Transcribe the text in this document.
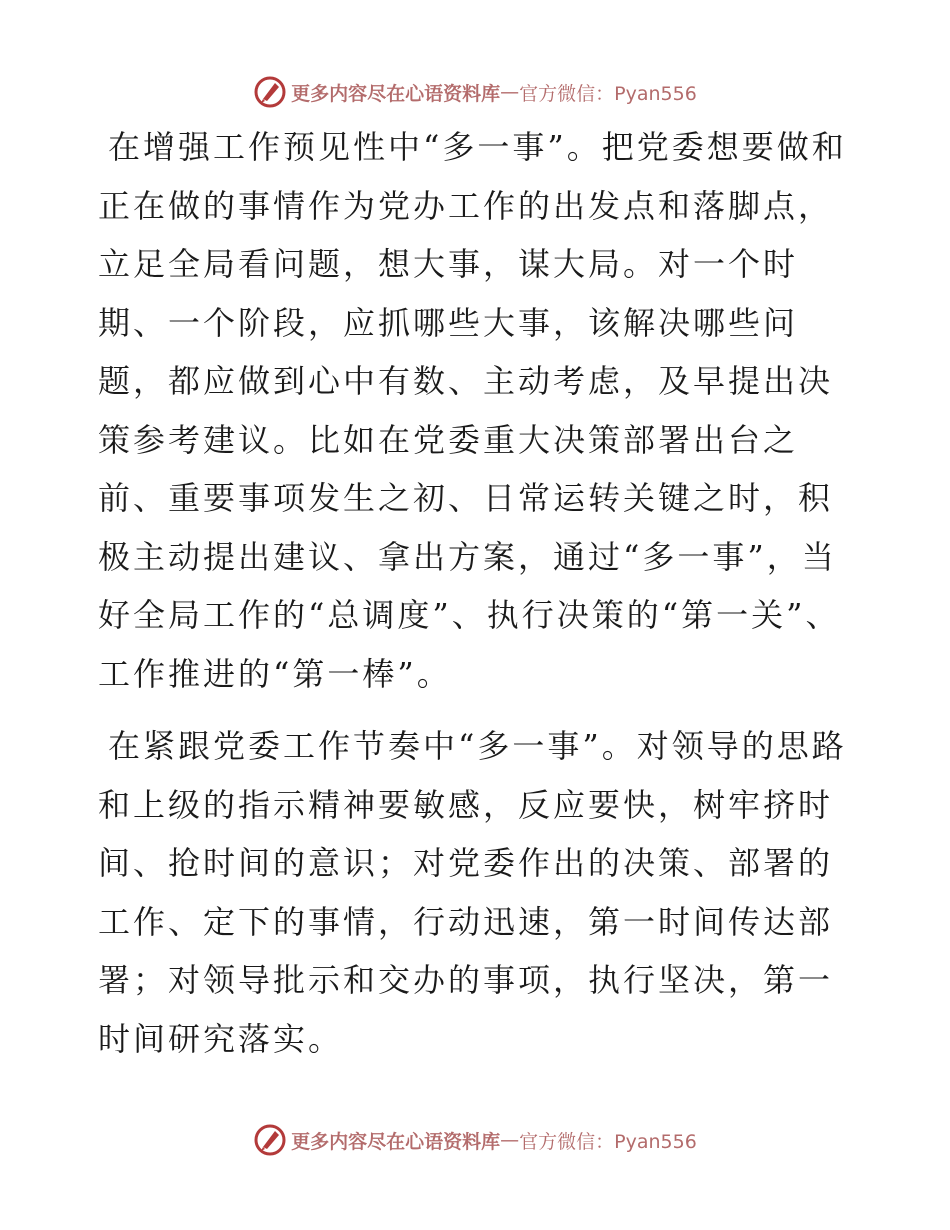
更多内容尽在心语资料库 — 官方微信：Pyan556

在增强工作预见性中“多一事”。把党委想要做和正在做的事情作为党办工作的出发点和落脚点，立足全局看问题，想大事，谋大局。对一个时期、一个阶段，应抓哪些大事，该解决哪些问题，都应做到心中有数、主动考虑，及早提出决策参考建议。比如在党委重大决策部署出台之前、重要事项发生之初、日常运转关键之时，积极主动提出建议、拿出方案，通过“多一事”，当好全局工作的“总调度”、执行决策的“第一关”、工作推进的“第一棒”。

在紧跟党委工作节奏中“多一事”。对领导的思路和上级的指示精神要敏感，反应要快，树牢挤时间、抢时间的意识；对党委作出的决策、部署的工作、定下的事情，行动迅速，第一时间传达部署；对领导批示和交办的事项，执行坚决，第一时间研究落实。

更多内容尽在心语资料库 — 官方微信：Pyan556
